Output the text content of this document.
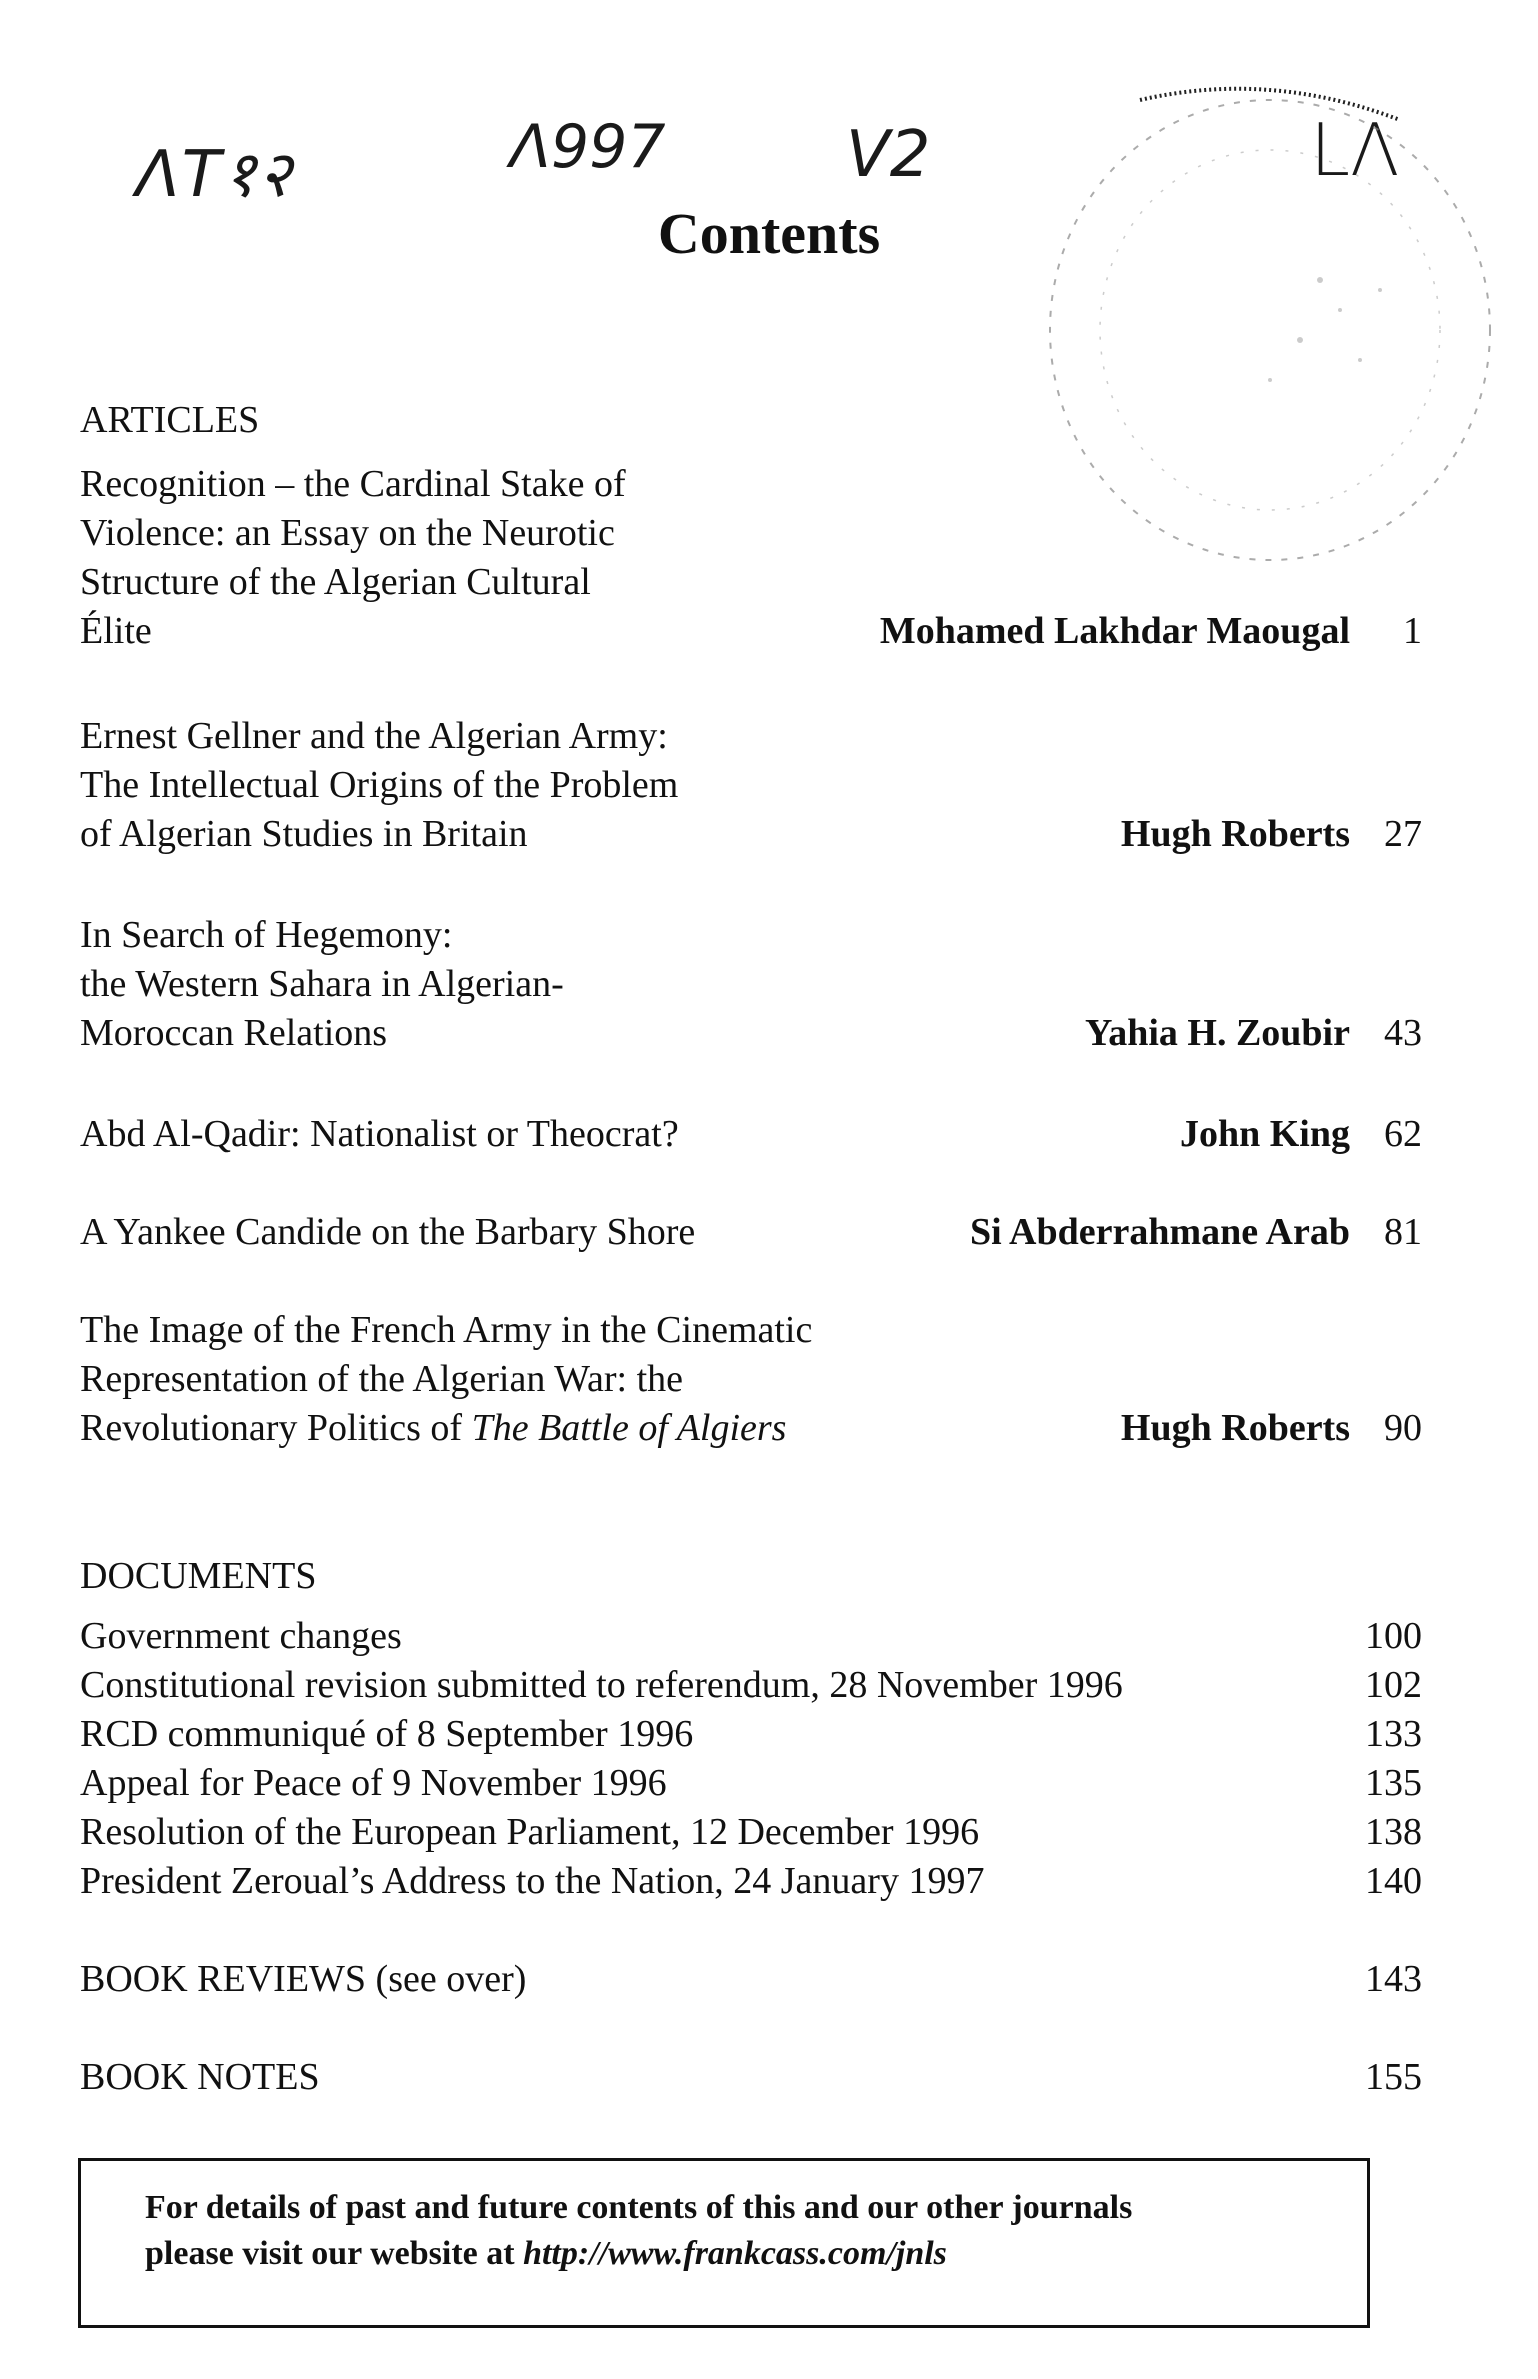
ΛΤ१२	Λ997	V2	LΛ
Contents
ARTICLES
Recognition – the Cardinal Stake of
Violence: an Essay on the Neurotic
Structure of the Algerian Cultural
Élite	Mohamed Lakhdar Maougal	1
Ernest Gellner and the Algerian Army:
The Intellectual Origins of the Problem
of Algerian Studies in Britain	Hugh Roberts 27
In Search of Hegemony:
the Western Sahara in Algerian-
Moroccan Relations	Yahia H. Zoubir 43
Abd Al-Qadir: Nationalist or Theocrat?	John King 62
A Yankee Candide on the Barbary Shore	Si Abderrahmane Arab 81
The Image of the French Army in the Cinematic
Representation of the Algerian War: the
Revolutionary Politics of The Battle of Algiers	Hugh Roberts 90
DOCUMENTS
Government changes	100
Constitutional revision submitted to referendum, 28 November 1996	102
RCD communiqué of 8 September 1996	133
Appeal for Peace of 9 November 1996	135
Resolution of the European Parliament, 12 December 1996	138
President Zeroual’s Address to the Nation, 24 January 1997	140
BOOK REVIEWS (see over)	143
BOOK NOTES	155
For details of past and future contents of this and our other journals
please visit our website at http://www.frankcass.com/jnls
